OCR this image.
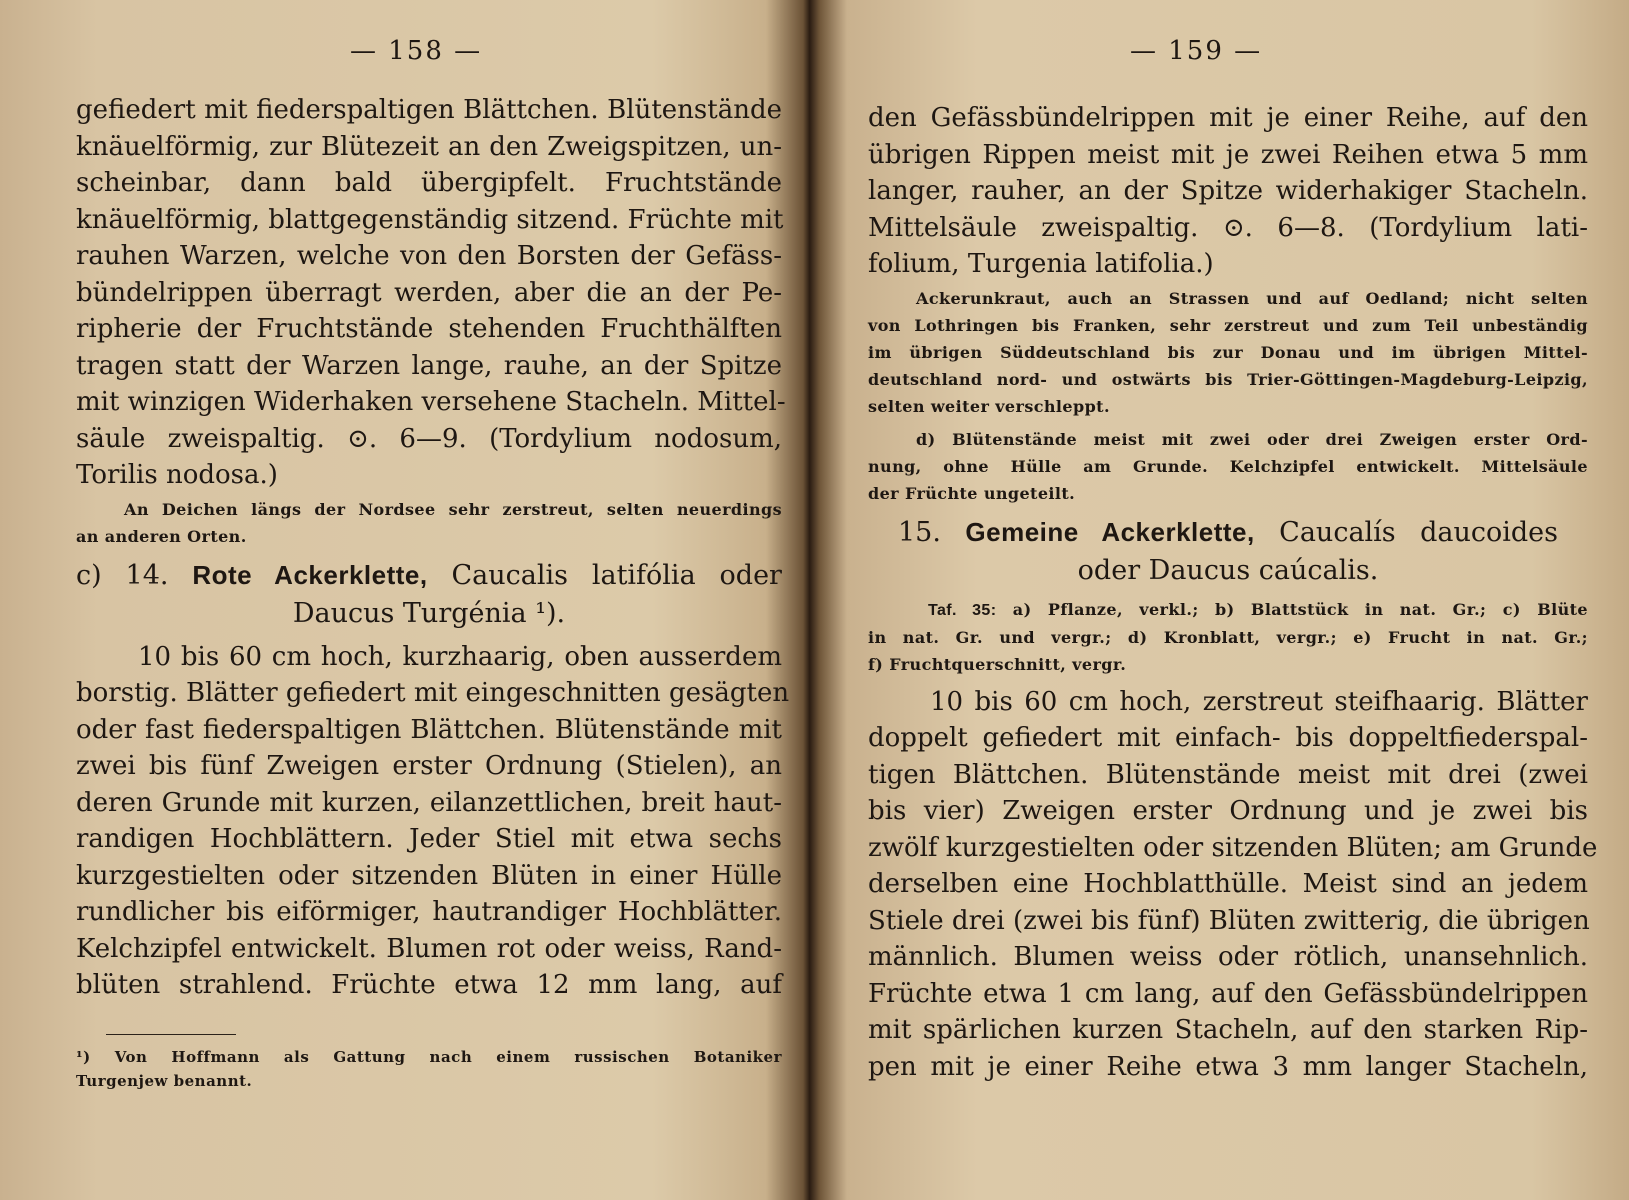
— 158 —
gefiedert mit fiederspaltigen Blättchen. Blütenstände
knäuelförmig, zur Blütezeit an den Zweigspitzen, un-
scheinbar, dann bald übergipfelt. Fruchtstände
knäuelförmig, blattgegenständig sitzend. Früchte mit
rauhen Warzen, welche von den Borsten der Gefäss-
bündelrippen überragt werden, aber die an der Pe-
ripherie der Fruchtstände stehenden Fruchthälften
tragen statt der Warzen lange, rauhe, an der Spitze
mit winzigen Widerhaken versehene Stacheln. Mittel-
säule zweispaltig. ⊙. 6—9. (Tordylium nodosum,
Torilis nodosa.)
An Deichen längs der Nordsee sehr zerstreut, selten neuerdings
an anderen Orten.
c) 14. Rote Ackerklette, Caucalis latifólia oder
Daucus Turgénia ¹).
10 bis 60 cm hoch, kurzhaarig, oben ausserdem
borstig. Blätter gefiedert mit eingeschnitten gesägten
oder fast fiederspaltigen Blättchen. Blütenstände mit
zwei bis fünf Zweigen erster Ordnung (Stielen), an
deren Grunde mit kurzen, eilanzettlichen, breit haut-
randigen Hochblättern. Jeder Stiel mit etwa sechs
kurzgestielten oder sitzenden Blüten in einer Hülle
rundlicher bis eiförmiger, hautrandiger Hochblätter.
Kelchzipfel entwickelt. Blumen rot oder weiss, Rand-
blüten strahlend. Früchte etwa 12 mm lang, auf
¹) Von Hoffmann als Gattung nach einem russischen Botaniker
Turgenjew benannt.
— 159 —
den Gefässbündelrippen mit je einer Reihe, auf den
übrigen Rippen meist mit je zwei Reihen etwa 5 mm
langer, rauher, an der Spitze widerhakiger Stacheln.
Mittelsäule zweispaltig. ⊙. 6—8. (Tordylium lati-
folium, Turgenia latifolia.)
Ackerunkraut, auch an Strassen und auf Oedland; nicht selten
von Lothringen bis Franken, sehr zerstreut und zum Teil unbeständig
im übrigen Süddeutschland bis zur Donau und im übrigen Mittel-
deutschland nord- und ostwärts bis Trier-Göttingen-Magdeburg-Leipzig,
selten weiter verschleppt.
d) Blütenstände meist mit zwei oder drei Zweigen erster Ord-
nung, ohne Hülle am Grunde. Kelchzipfel entwickelt. Mittelsäule
der Früchte ungeteilt.
15. Gemeine Ackerklette, Caucalís daucoides
oder Daucus caúcalis.
Taf. 35: a) Pflanze, verkl.; b) Blattstück in nat. Gr.; c) Blüte
in nat. Gr. und vergr.; d) Kronblatt, vergr.; e) Frucht in nat. Gr.;
f) Fruchtquerschnitt, vergr.
10 bis 60 cm hoch, zerstreut steifhaarig. Blätter
doppelt gefiedert mit einfach- bis doppeltfiederspal-
tigen Blättchen. Blütenstände meist mit drei (zwei
bis vier) Zweigen erster Ordnung und je zwei bis
zwölf kurzgestielten oder sitzenden Blüten; am Grunde
derselben eine Hochblatthülle. Meist sind an jedem
Stiele drei (zwei bis fünf) Blüten zwitterig, die übrigen
männlich. Blumen weiss oder rötlich, unansehnlich.
Früchte etwa 1 cm lang, auf den Gefässbündelrippen
mit spärlichen kurzen Stacheln, auf den starken Rip-
pen mit je einer Reihe etwa 3 mm langer Stacheln,
